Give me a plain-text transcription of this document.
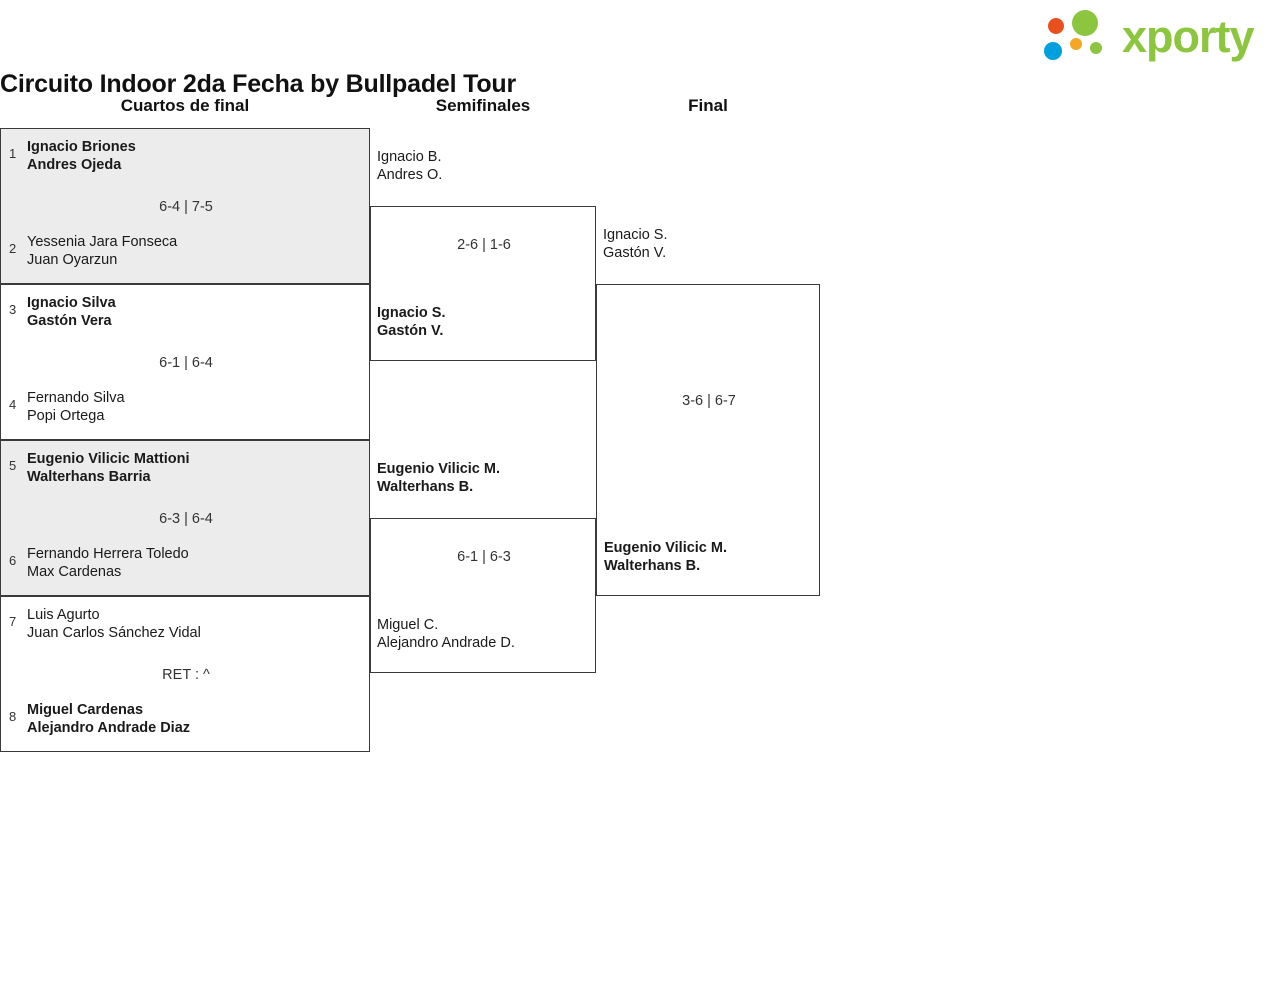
Circuito Indoor 2da Fecha by Bullpadel Tour

xporty
Cuartos de final	Semifinales	Final
1 Ignacio Briones
Andres Ojeda
6-4 | 7-5
2 Yessenia Jara Fonseca
Juan Oyarzun
3 Ignacio Silva
Gastón Vera
6-1 | 6-4
4 Fernando Silva
Popi Ortega
5 Eugenio Vilicic Mattioni
Walterhans Barria
6-3 | 6-4
6 Fernando Herrera Toledo
Max Cardenas
7 Luis Agurto
Juan Carlos Sánchez Vidal
RET : ^
8 Miguel Cardenas
Alejandro Andrade Diaz
Ignacio B.
Andres O.
2-6 | 1-6
Ignacio S.
Gastón V.
Eugenio Vilicic M.
Walterhans B.
6-1 | 6-3
Miguel C.
Alejandro Andrade D.
Ignacio S.
Gastón V.
3-6 | 6-7
Eugenio Vilicic M.
Walterhans B.
